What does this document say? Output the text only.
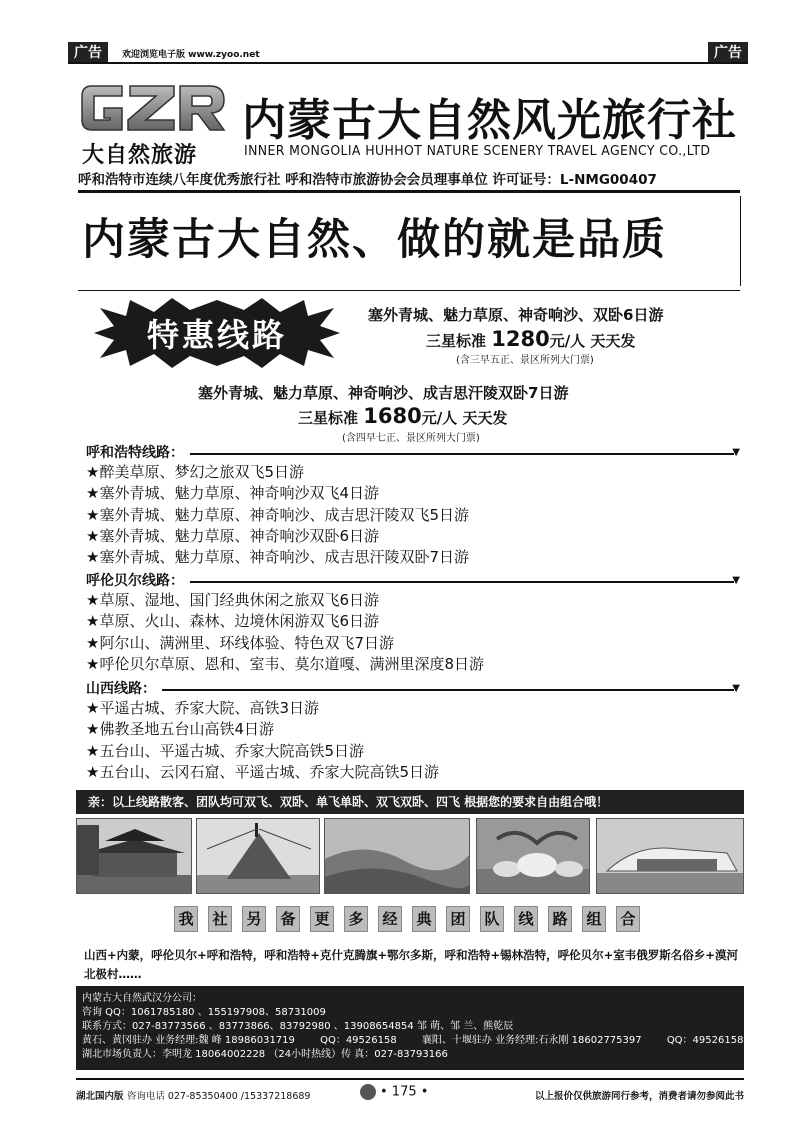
广告	欢迎浏览电子版 www.zyoo.net	广告
大自然旅游
内蒙古大自然风光旅行社
INNER MONGOLIA HUHHOT NATURE SCENERY TRAVEL AGENCY CO.,LTD
呼和浩特市连续八年度优秀旅行社 呼和浩特市旅游协会会员理事单位 许可证号：L-NMG00407
内蒙古大自然、做的就是品质
特惠线路
塞外青城、魅力草原、神奇响沙、双卧6日游
三星标准 1280元/人 天天发
(含三早五正、景区所列大门票)
塞外青城、魅力草原、神奇响沙、成吉思汗陵双卧7日游
三星标准 1680元/人 天天发
(含四早七正、景区所列大门票)
呼和浩特线路：	▼
★醉美草原、梦幻之旅双飞5日游
★塞外青城、魅力草原、神奇响沙双飞4日游
★塞外青城、魅力草原、神奇响沙、成吉思汗陵双飞5日游
★塞外青城、魅力草原、神奇响沙双卧6日游
★塞外青城、魅力草原、神奇响沙、成吉思汗陵双卧7日游
呼伦贝尔线路：	▼
★草原、湿地、国门经典休闲之旅双飞6日游
★草原、火山、森林、边境休闲游双飞6日游
★阿尔山、满洲里、环线体验、特色双飞7日游
★呼伦贝尔草原、恩和、室韦、莫尔道嘎、满洲里深度8日游
山西线路：	▼
★平遥古城、乔家大院、高铁3日游
★佛教圣地五台山高铁4日游
★五台山、平遥古城、乔家大院高铁5日游
★五台山、云冈石窟、平遥古城、乔家大院高铁5日游
亲：以上线路散客、团队均可双飞、双卧、单飞单卧、双飞双卧、四飞 根据您的要求自由组合哦！
我	社	另	备	更	多	经	典	团	队	线	路	组	合
山西+内蒙，呼伦贝尔+呼和浩特，呼和浩特+克什克腾旗+鄂尔多斯，呼和浩特+锡林浩特，呼伦贝尔+室韦俄罗斯名俗乡+漠河北极村……
内蒙古大自然武汉分公司：
咨询 QQ：1061785180 、155197908、58731009
联系方式：027-83773566 、83773866、83792980 、13908654854 邹 萌、邹 兰、熊乾辰
黄石、黄冈驻办 业务经理:魏 峰 18986031719	QQ：49526158	襄阳、十堰驻办 业务经理:石永刚 18602775397	QQ：49526158
湖北市场负责人：李明龙 18064002228 （24小时热线）传 真：027-83793166
湖北国内版 咨询电话 027-85350400 /15337218689	• 175 •	以上报价仅供旅游同行参考，消费者请勿参阅此书
